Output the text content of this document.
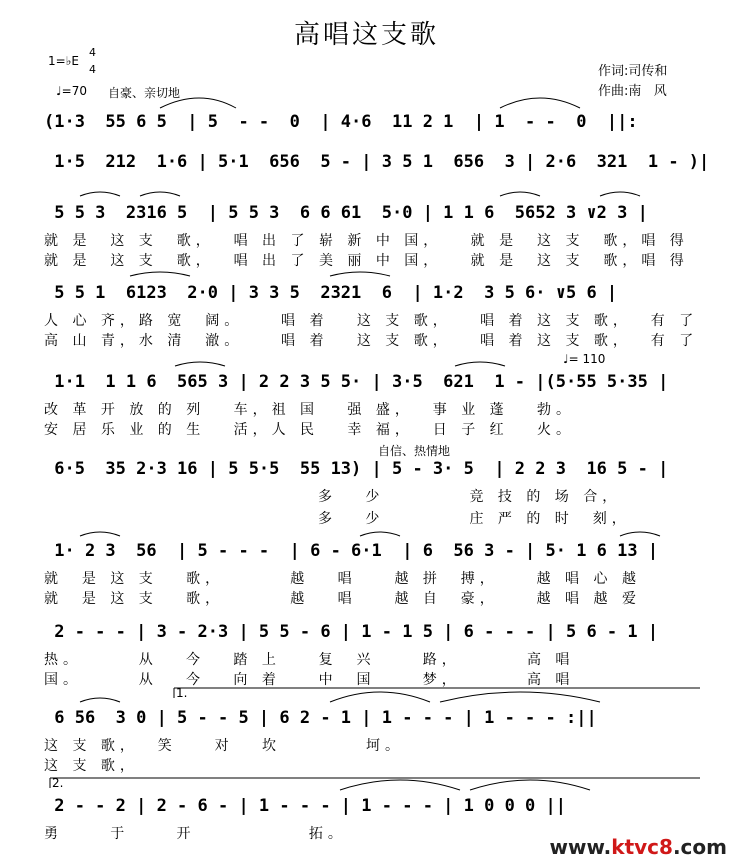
高唱这支歌
1=♭E
4
4
♩=70 自豪、亲切地
作词:司传和
作曲:南   风
(1·3  55 6 5  | 5  - -  0  | 4·6  11 2 1  | 1  - -  0  ||:
1·5  212  1·6 | 5·1  656  5 - | 3 5 1  656  3 | 2·6  321  1 - )|
5 5 3  2316 5  | 5 5 3  6 6 61  5·0 | 1 1 6  5652 3 ∨2 3 |
就 是  这 支  歌，  唱 出 了 崭 新 中 国，   就 是  这 支  歌，唱 得
就 是  这 支  歌，  唱 出 了 美 丽 中 国，   就 是  这 支  歌，唱 得
5 5 1  6123  2·0 | 3 3 5  2321  6  | 1·2  3 5 6· ∨5 6 |
人 心 齐，路 宽  阔。    唱 着   这 支 歌，   唱 着 这 支 歌，  有 了
高 山 青，水 清  澈。    唱 着   这 支 歌，   唱 着 这 支 歌，  有 了
♩= 110
1·1  1 1 6  565 3 | 2 2 3 5 5· | 3·5  621  1 - |(5·55 5·35 |
改 革 开 放 的 列   车，祖 国   强 盛，  事 业 蓬   勃。
安 居 乐 业 的 生   活，人 民   幸 福，  日 子 红   火。
自信、热情地
6·5  35 2·3 16 | 5 5·5  55 13) | 5 - 3· 5  | 2 2 3  16 5 - |
多   少         竞 技 的 场 合，
多   少         庄 严 的 时  刻，
1· 2 3  56  | 5 - - -  | 6 - 6·1  | 6  56 3 - | 5· 1 6 13 |
就  是 这 支   歌，       越   唱    越 拼  搏，    越 唱 心 越
就  是 这 支   歌，       越   唱    越 自  豪，    越 唱 越 爱
2 - - - | 3 - 2·3 | 5 5 - 6 | 1 - 1 5 | 6 - - - | 5 6 - 1 |
热。      从   今   踏 上    复  兴     路，       高 唱
国。      从   今   向 着    中  国     梦，       高 唱
1.
6 56  3 0 | 5 - - 5 | 6 2 - 1 | 1 - - - | 1 - - - :||
这 支 歌，  笑    对   坎         坷。
这 支 歌，
2.
2 - - 2 | 2 - 6 - | 1 - - - | 1 - - - | 1 0 0 0 ||
勇     于     开            拓。
www.ktvc8.com
